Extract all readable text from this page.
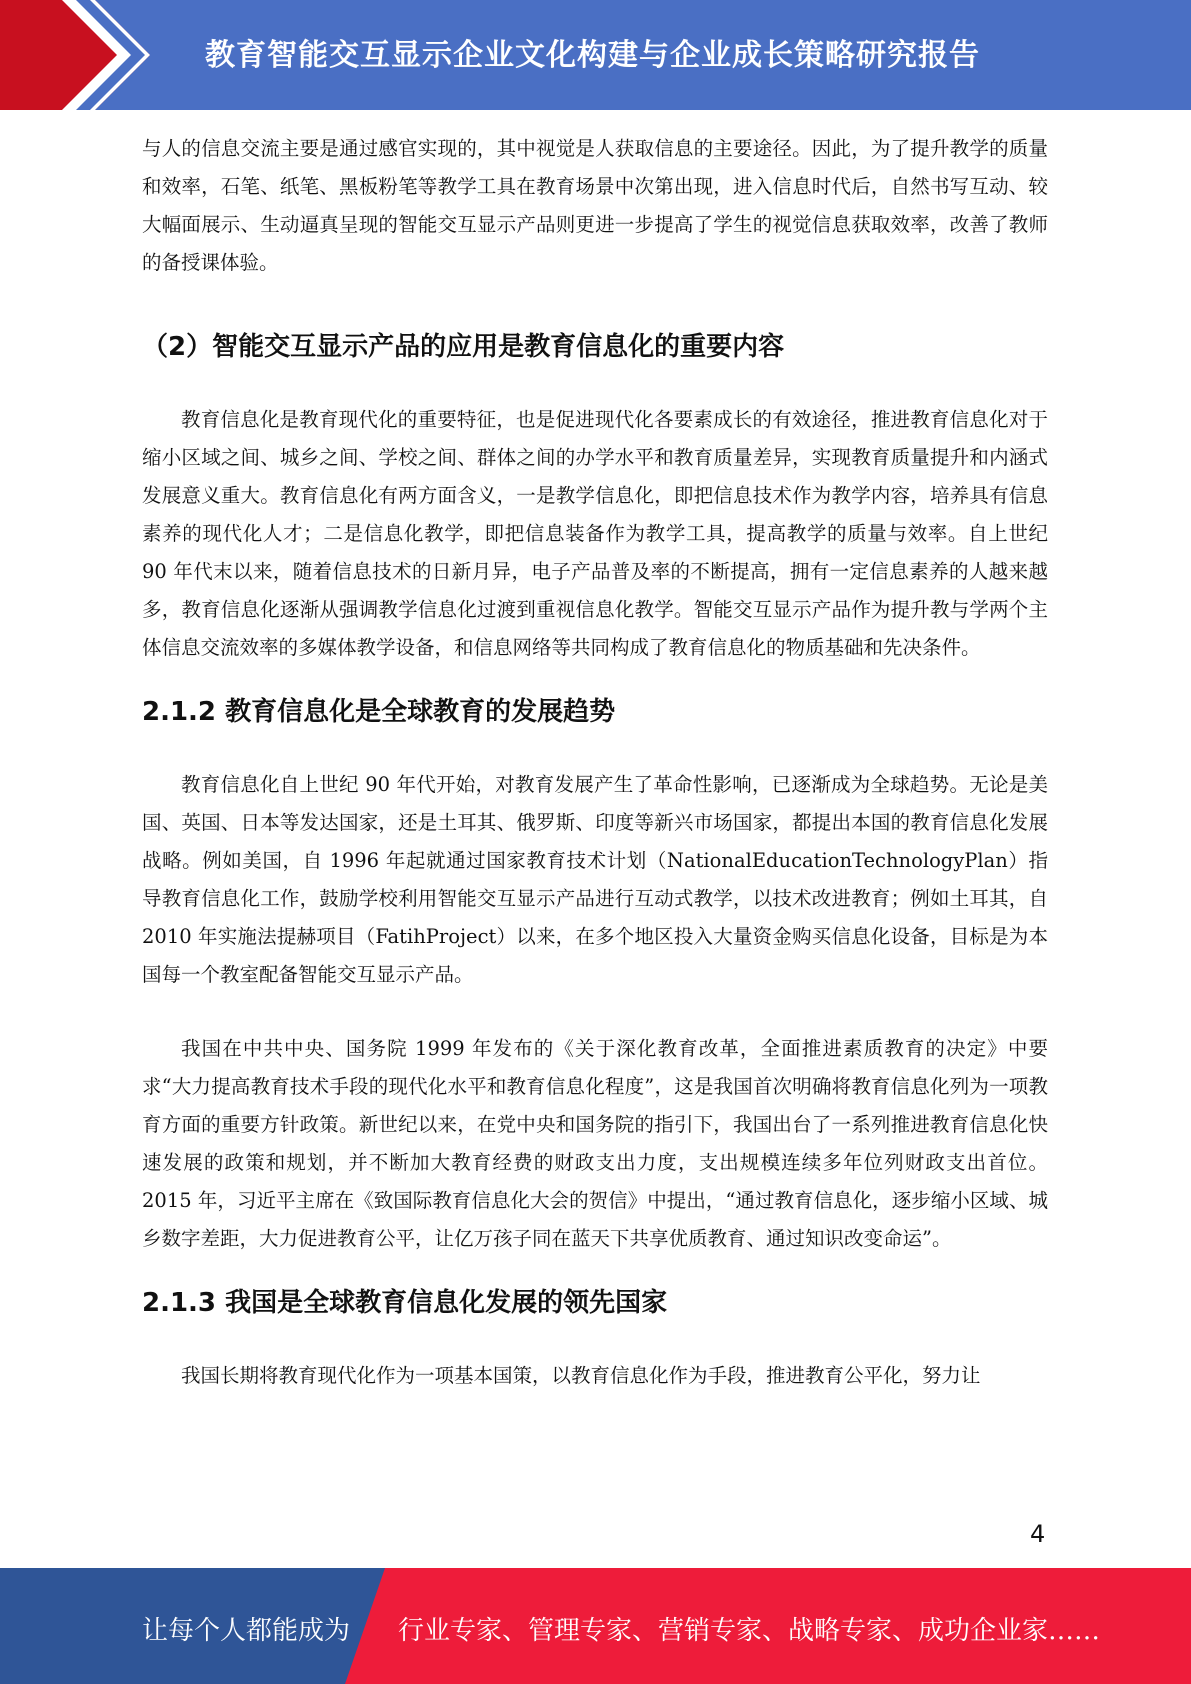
教育智能交互显示企业文化构建与企业成长策略研究报告

与人的信息交流主要是通过感官实现的，其中视觉是人获取信息的主要途径。因此，为了提升教学的质量和效率，石笔、纸笔、黑板粉笔等教学工具在教育场景中次第出现，进入信息时代后，自然书写互动、较大幅面展示、生动逼真呈现的智能交互显示产品则更进一步提高了学生的视觉信息获取效率，改善了教师的备授课体验。

（2）智能交互显示产品的应用是教育信息化的重要内容

教育信息化是教育现代化的重要特征，也是促进现代化各要素成长的有效途径，推进教育信息化对于缩小区域之间、城乡之间、学校之间、群体之间的办学水平和教育质量差异，实现教育质量提升和内涵式发展意义重大。教育信息化有两方面含义，一是教学信息化，即把信息技术作为教学内容，培养具有信息素养的现代化人才；二是信息化教学，即把信息装备作为教学工具，提高教学的质量与效率。自上世纪 90 年代末以来，随着信息技术的日新月异，电子产品普及率的不断提高，拥有一定信息素养的人越来越多，教育信息化逐渐从强调教学信息化过渡到重视信息化教学。智能交互显示产品作为提升教与学两个主体信息交流效率的多媒体教学设备，和信息网络等共同构成了教育信息化的物质基础和先决条件。

2.1.2 教育信息化是全球教育的发展趋势

教育信息化自上世纪 90 年代开始，对教育发展产生了革命性影响，已逐渐成为全球趋势。无论是美国、英国、日本等发达国家，还是土耳其、俄罗斯、印度等新兴市场国家，都提出本国的教育信息化发展战略。例如美国，自 1996 年起就通过国家教育技术计划（NationalEducationTechnologyPlan）指导教育信息化工作，鼓励学校利用智能交互显示产品进行互动式教学，以技术改进教育；例如土耳其，自 2010 年实施法提赫项目（FatihProject）以来，在多个地区投入大量资金购买信息化设备，目标是为本国每一个教室配备智能交互显示产品。

我国在中共中央、国务院 1999 年发布的《关于深化教育改革，全面推进素质教育的决定》中要求“大力提高教育技术手段的现代化水平和教育信息化程度”，这是我国首次明确将教育信息化列为一项教育方面的重要方针政策。新世纪以来，在党中央和国务院的指引下，我国出台了一系列推进教育信息化快速发展的政策和规划，并不断加大教育经费的财政支出力度，支出规模连续多年位列财政支出首位。2015 年，习近平主席在《致国际教育信息化大会的贺信》中提出，“通过教育信息化，逐步缩小区域、城乡数字差距，大力促进教育公平，让亿万孩子同在蓝天下共享优质教育、通过知识改变命运”。

2.1.3 我国是全球教育信息化发展的领先国家

我国长期将教育现代化作为一项基本国策，以教育信息化作为手段，推进教育公平化，努力让

4
让每个人都能成为 行业专家、管理专家、营销专家、战略专家、成功企业家……
